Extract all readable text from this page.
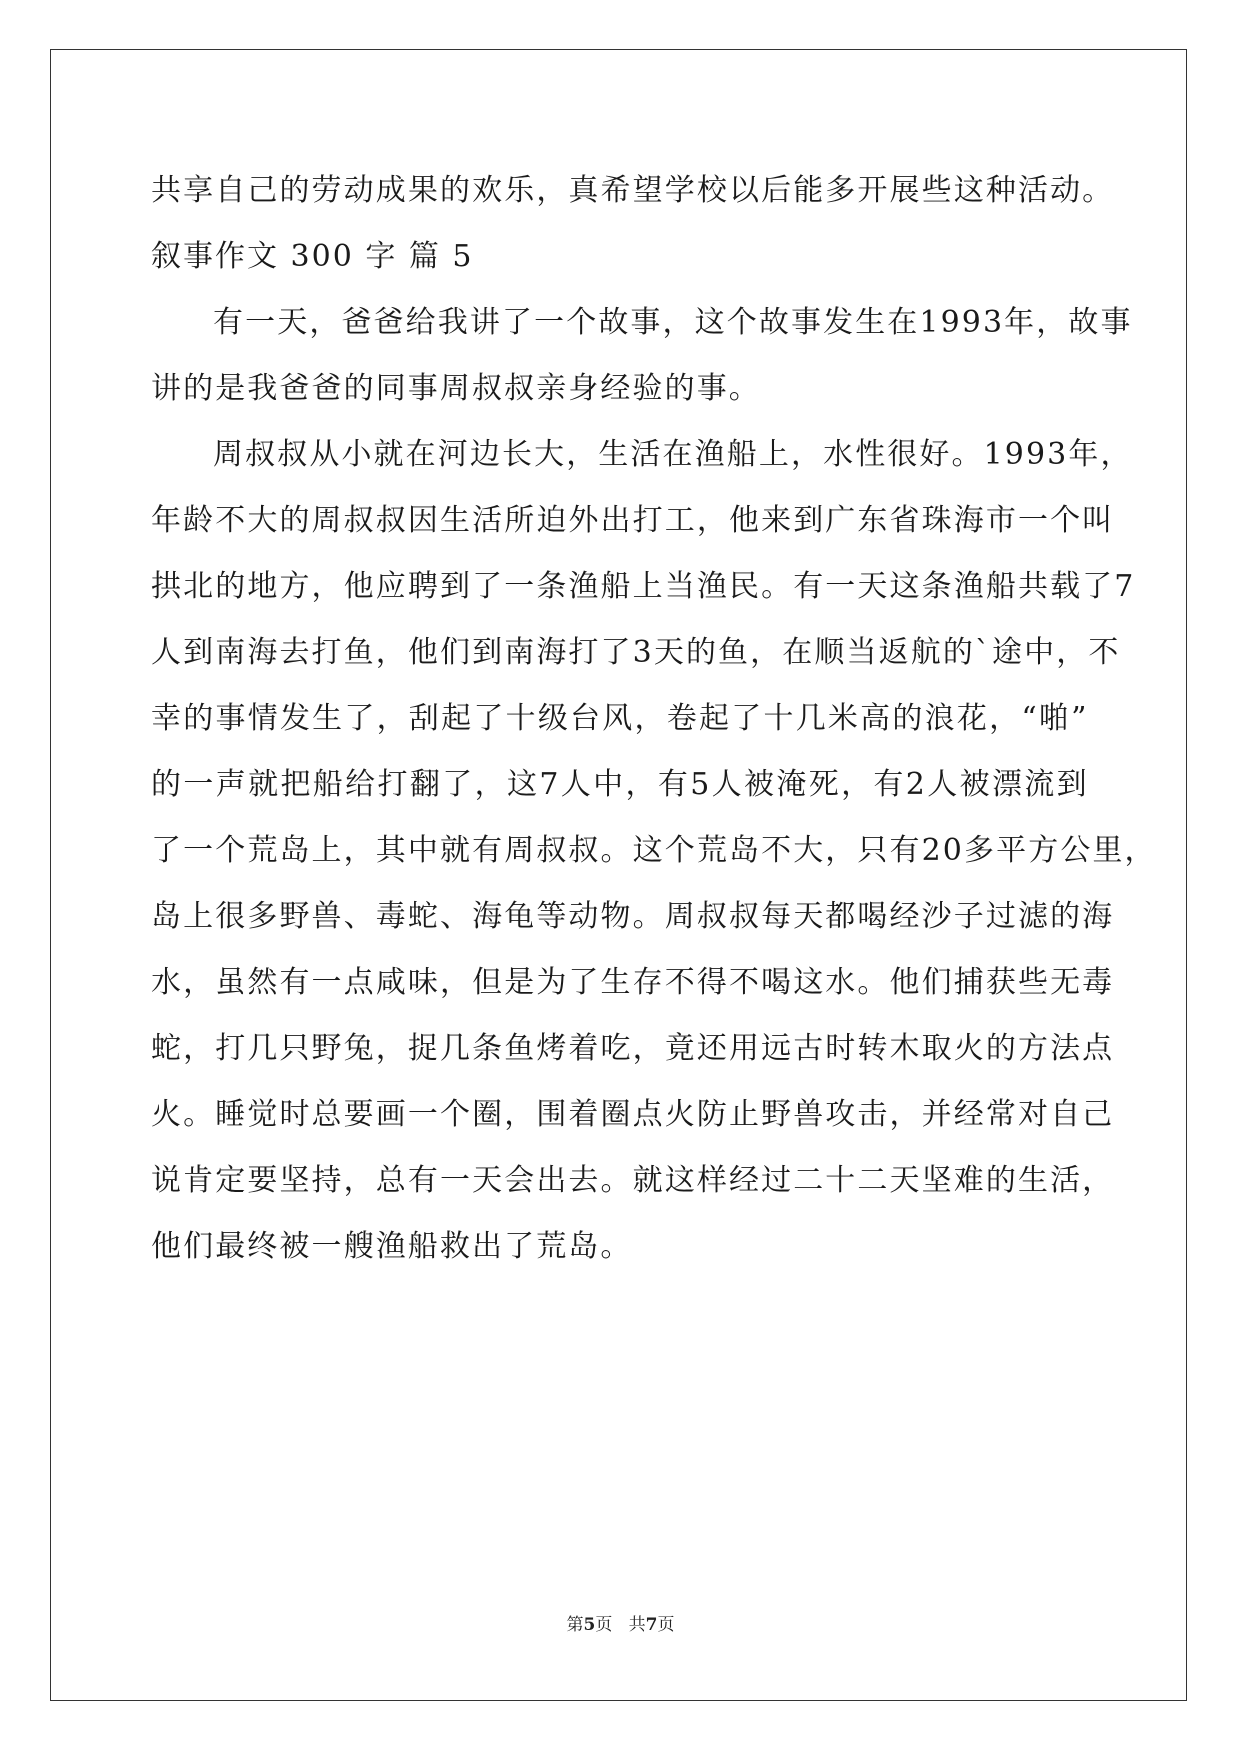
共 享 自 己 的 劳 动 成 果 的 欢 乐 ， 真 希 望 学 校 以 后 能 多 开 展 些 这 种 活 动 。
叙事作文 300 字 篇 5
有 一 天 ， 爸 爸 给 我 讲 了 一 个 故 事 ， 这 个 故 事 发 生 在 1993 年 ， 故 事
讲的是我爸爸的同事周叔叔亲身经验的事。
周 叔 叔 从 小 就 在 河 边 长 大 ， 生 活 在 渔 船 上 ， 水 性 很 好 。 1993 年 ，
年 龄 不 大 的 周 叔 叔 因 生 活 所 迫 外 出 打 工 ， 他 来 到 广 东 省 珠 海 市 一 个 叫
拱 北 的 地 方 ， 他 应 聘 到 了 一 条 渔 船 上 当 渔 民 。 有 一 天 这 条 渔 船 共 载 了 7
人 到 南 海 去 打 鱼 ， 他 们 到 南 海 打 了 3 天 的 鱼 ， 在 顺 当 返 航 的 ` 途 中 ， 不
幸 的 事 情 发 生 了 ， 刮 起 了 十 级 台 风 ， 卷 起 了 十 几 米 高 的 浪 花 ， “ 啪 ”
的 一 声 就 把 船 给 打 翻 了 ， 这 7 人 中 ， 有 5 人 被 淹 死 ， 有 2 人 被 漂 流 到
了 一 个 荒 岛 上 ， 其 中 就 有 周 叔 叔 。 这 个 荒 岛 不 大 ， 只 有 20 多 平 方 公 里 ，
岛 上 很 多 野 兽 、 毒 蛇 、 海 龟 等 动 物 。 周 叔 叔 每 天 都 喝 经 沙 子 过 滤 的 海
水 ， 虽 然 有 一 点 咸 味 ， 但 是 为 了 生 存 不 得 不 喝 这 水 。 他 们 捕 获 些 无 毒
蛇 ， 打 几 只 野 兔 ， 捉 几 条 鱼 烤 着 吃 ， 竟 还 用 远 古 时 转 木 取 火 的 方 法 点
火 。 睡 觉 时 总 要 画 一 个 圈 ， 围 着 圈 点 火 防 止 野 兽 攻 击 ， 并 经 常 对 自 己
说 肯 定 要 坚 持 ， 总 有 一 天 会 出 去 。 就 这 样 经 过 二 十 二 天 坚 难 的 生 活 ，
他们最终被一艘渔船救出了荒岛。
第5页 共7页
